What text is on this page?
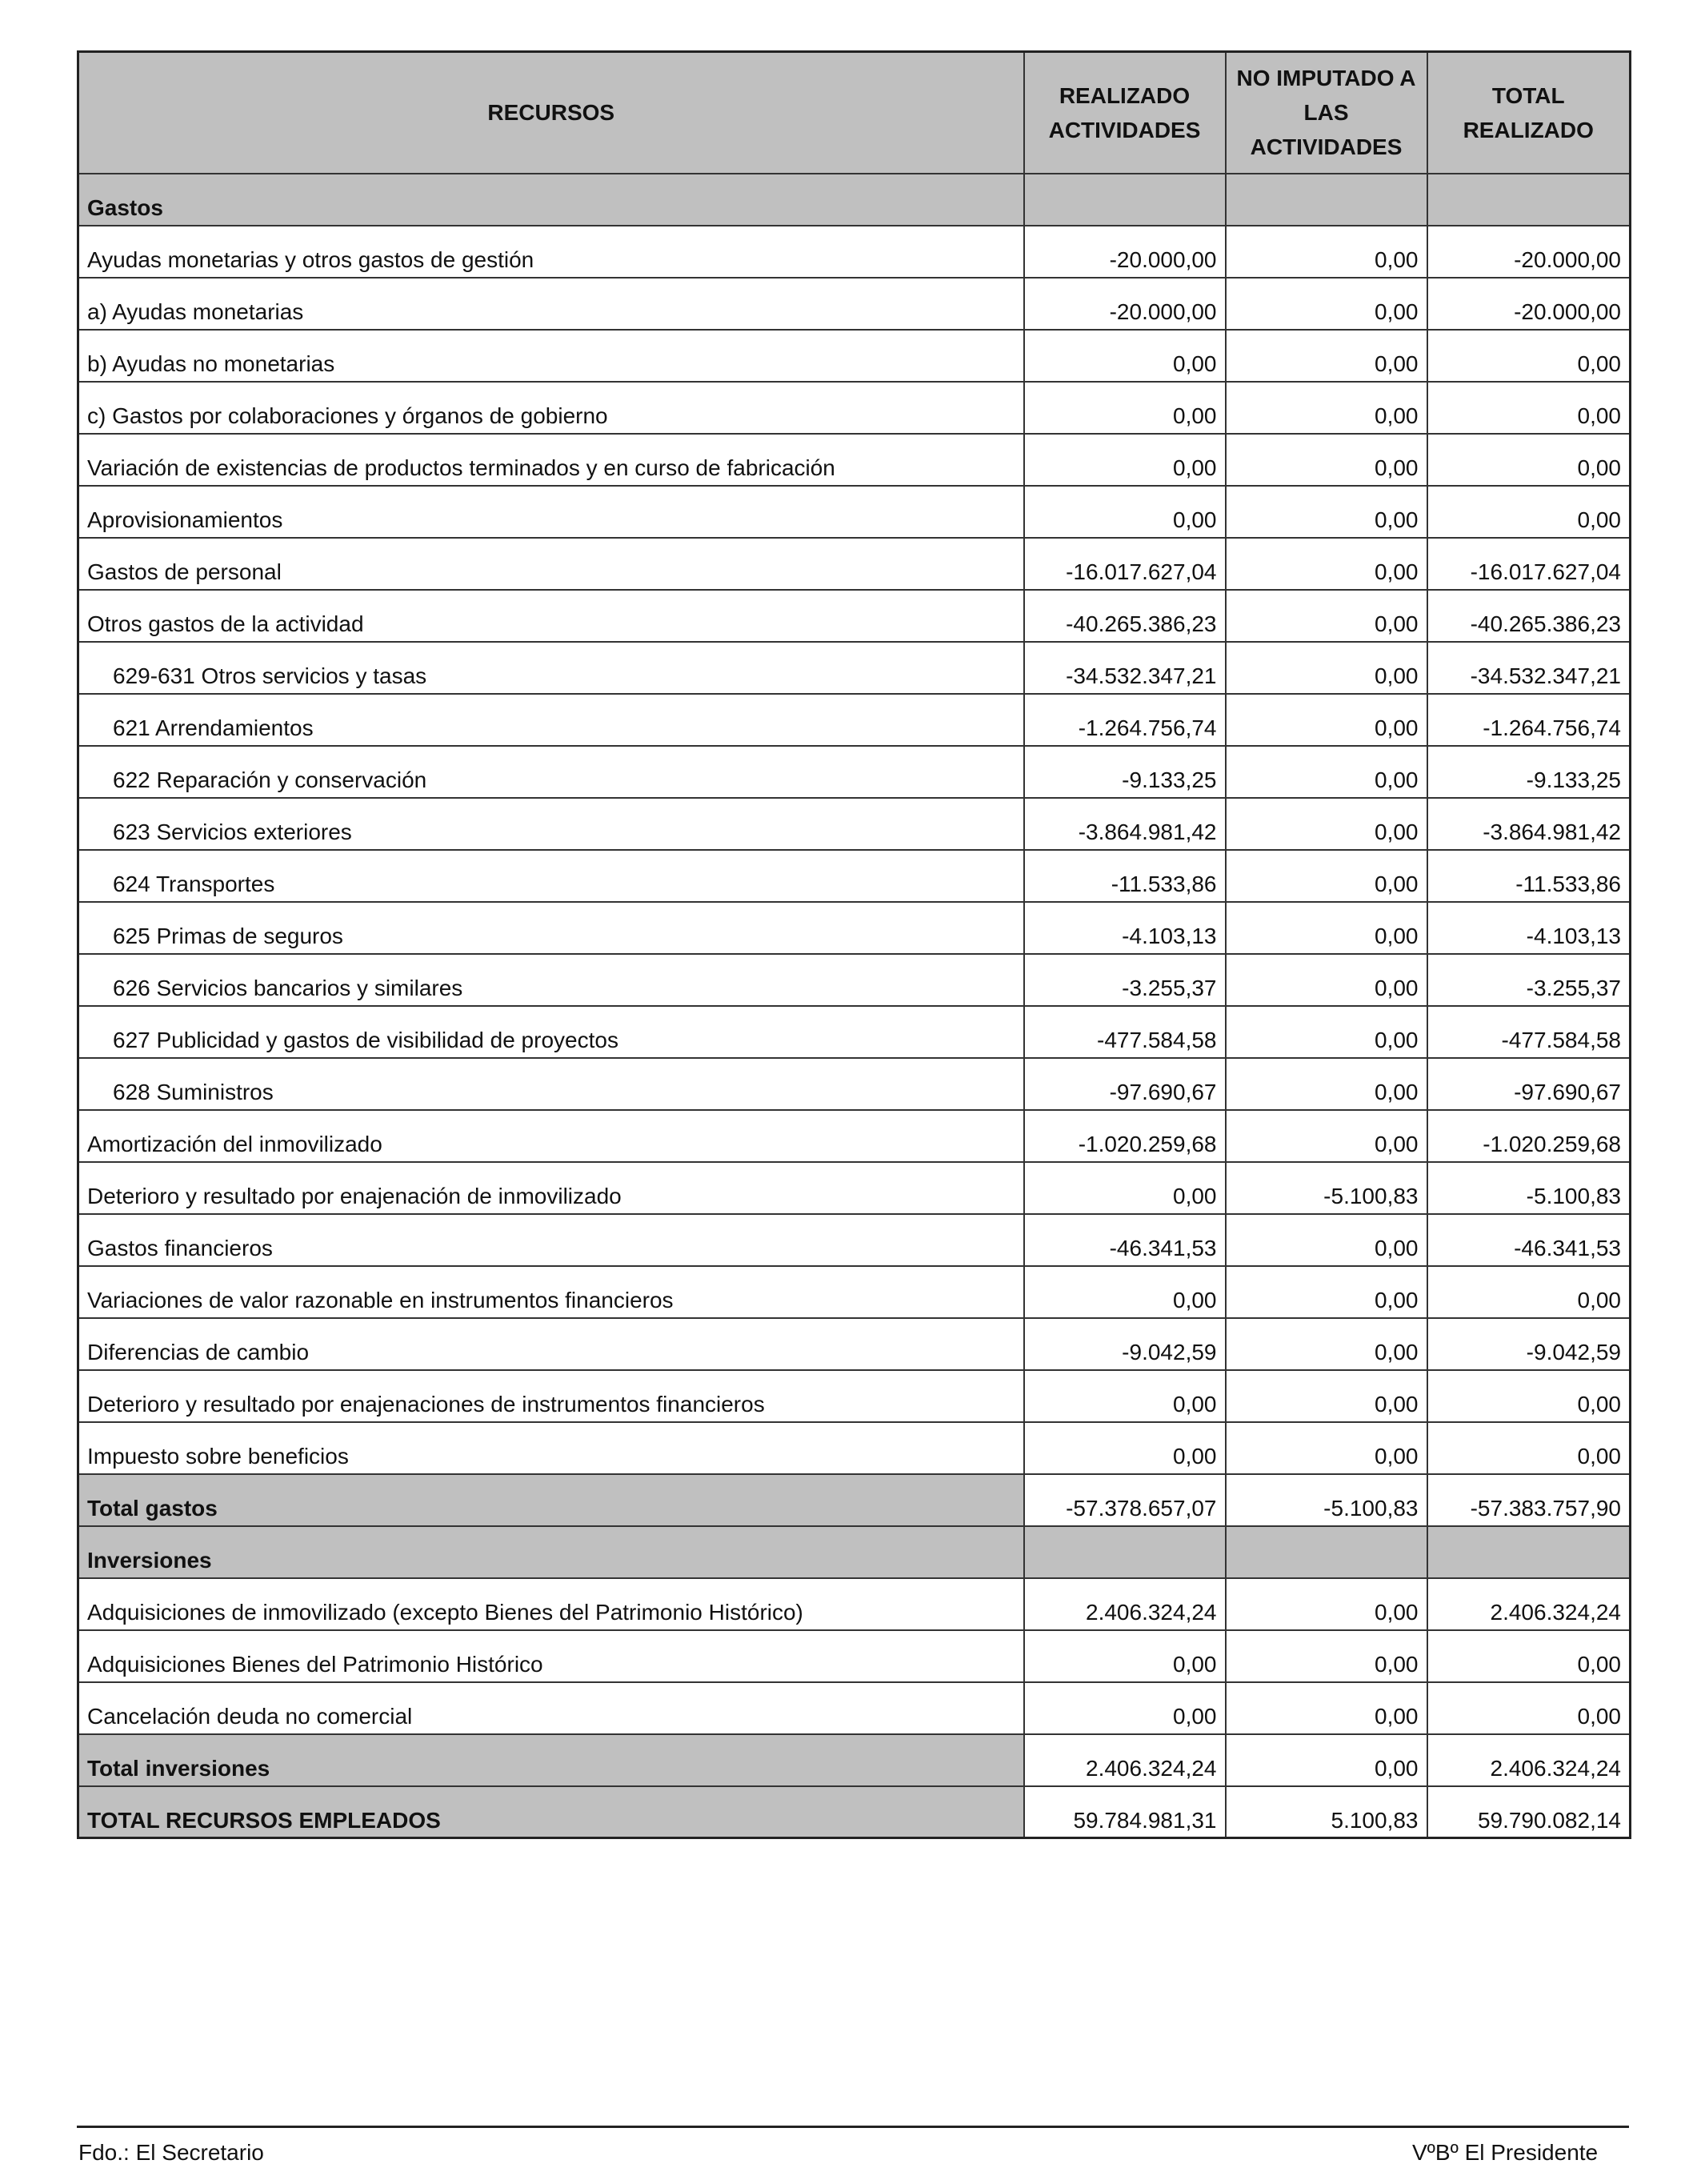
RECURSOS	REALIZADO ACTIVIDADES	NO IMPUTADO A LAS ACTIVIDADES	TOTAL REALIZADO
Gastos			
Ayudas monetarias y otros gastos de gestión	-20.000,00	0,00	-20.000,00
a) Ayudas monetarias	-20.000,00	0,00	-20.000,00
b) Ayudas no monetarias	0,00	0,00	0,00
c) Gastos por colaboraciones y órganos de gobierno	0,00	0,00	0,00
Variación de existencias de productos terminados y en curso de fabricación	0,00	0,00	0,00
Aprovisionamientos	0,00	0,00	0,00
Gastos de personal	-16.017.627,04	0,00	-16.017.627,04
Otros gastos de la actividad	-40.265.386,23	0,00	-40.265.386,23
629-631 Otros servicios y tasas	-34.532.347,21	0,00	-34.532.347,21
621 Arrendamientos	-1.264.756,74	0,00	-1.264.756,74
622 Reparación y conservación	-9.133,25	0,00	-9.133,25
623 Servicios exteriores	-3.864.981,42	0,00	-3.864.981,42
624 Transportes	-11.533,86	0,00	-11.533,86
625 Primas de seguros	-4.103,13	0,00	-4.103,13
626 Servicios bancarios y similares	-3.255,37	0,00	-3.255,37
627 Publicidad y gastos de visibilidad de proyectos	-477.584,58	0,00	-477.584,58
628 Suministros	-97.690,67	0,00	-97.690,67
Amortización del inmovilizado	-1.020.259,68	0,00	-1.020.259,68
Deterioro y resultado por enajenación de inmovilizado	0,00	-5.100,83	-5.100,83
Gastos financieros	-46.341,53	0,00	-46.341,53
Variaciones de valor razonable en instrumentos financieros	0,00	0,00	0,00
Diferencias de cambio	-9.042,59	0,00	-9.042,59
Deterioro y resultado por enajenaciones de instrumentos financieros	0,00	0,00	0,00
Impuesto sobre beneficios	0,00	0,00	0,00
Total gastos	-57.378.657,07	-5.100,83	-57.383.757,90
Inversiones			
Adquisiciones de inmovilizado (excepto Bienes del Patrimonio Histórico)	2.406.324,24	0,00	2.406.324,24
Adquisiciones Bienes del Patrimonio Histórico	0,00	0,00	0,00
Cancelación deuda no comercial	0,00	0,00	0,00
Total inversiones	2.406.324,24	0,00	2.406.324,24
TOTAL RECURSOS EMPLEADOS	59.784.981,31	5.100,83	59.790.082,14
Fdo.: El Secretario	VºBº El Presidente
